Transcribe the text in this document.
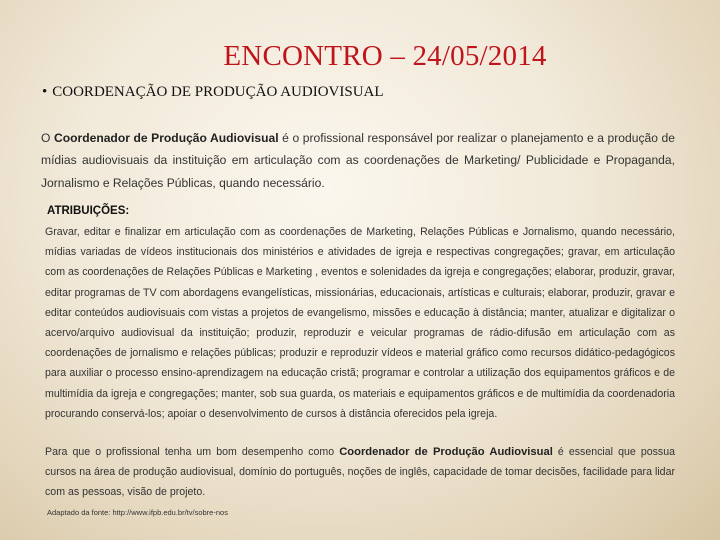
ENCONTRO – 24/05/2014
• COORDENAÇÃO DE PRODUÇÃO AUDIOVISUAL
O Coordenador de Produção Audiovisual é o profissional responsável por realizar o planejamento e a produção de mídias audiovisuais da instituição em articulação com as coordenações de Marketing/ Publicidade e Propaganda, Jornalismo e Relações Públicas, quando necessário.
ATRIBUIÇÕES:
Gravar, editar e finalizar em articulação com as coordenações de Marketing, Relações Públicas e Jornalismo, quando necessário, mídias variadas de vídeos institucionais dos ministérios e atividades de igreja e respectivas congregações; gravar, em articulação com as coordenações de Relações Públicas e Marketing , eventos e solenidades da igreja e congregações; elaborar, produzir, gravar, editar programas de TV com abordagens evangelísticas, missionárias, educacionais, artísticas e culturais; elaborar, produzir, gravar e editar conteúdos audiovisuais com vistas a projetos de evangelismo, missões e educação à distância; manter, atualizar e digitalizar o acervo/arquivo audiovisual da instituição; produzir, reproduzir e veicular programas de rádio-difusão em articulação com as coordenações de jornalismo e relações públicas; produzir e reproduzir vídeos e material gráfico como recursos didático-pedagógicos para auxiliar o processo ensino-aprendizagem na educação cristã; programar e controlar a utilização dos equipamentos gráficos e de multimídia da igreja e congregações; manter, sob sua guarda, os materiais e equipamentos gráficos e de multimídia da coordenadoria procurando conservá-los; apoiar o desenvolvimento de cursos à distância oferecidos pela igreja.
Para que o profissional tenha um bom desempenho como Coordenador de Produção Audiovisual é essencial que possua cursos na área de produção audiovisual, domínio do português, noções de inglês, capacidade de tomar decisões, facilidade para lidar com as pessoas, visão de projeto.
Adaptado da fonte: http://www.ifpb.edu.br/tv/sobre-nos
